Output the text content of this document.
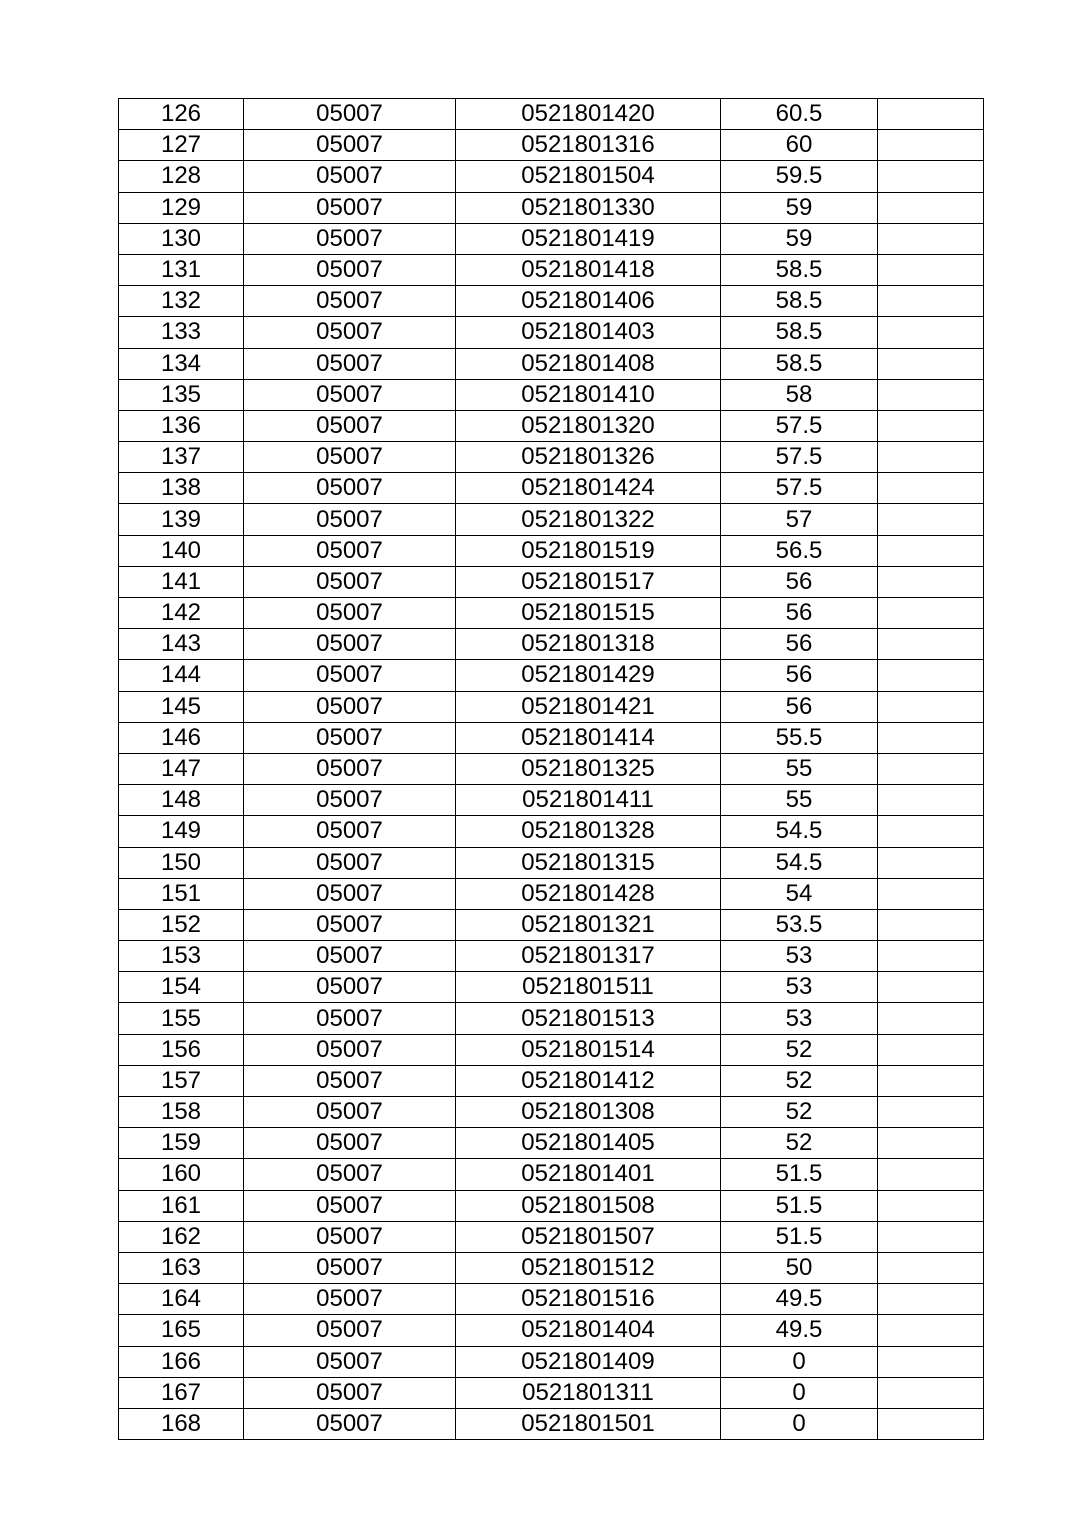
126	05007	0521801420	60.5	
127	05007	0521801316	60	
128	05007	0521801504	59.5	
129	05007	0521801330	59	
130	05007	0521801419	59	
131	05007	0521801418	58.5	
132	05007	0521801406	58.5	
133	05007	0521801403	58.5	
134	05007	0521801408	58.5	
135	05007	0521801410	58	
136	05007	0521801320	57.5	
137	05007	0521801326	57.5	
138	05007	0521801424	57.5	
139	05007	0521801322	57	
140	05007	0521801519	56.5	
141	05007	0521801517	56	
142	05007	0521801515	56	
143	05007	0521801318	56	
144	05007	0521801429	56	
145	05007	0521801421	56	
146	05007	0521801414	55.5	
147	05007	0521801325	55	
148	05007	0521801411	55	
149	05007	0521801328	54.5	
150	05007	0521801315	54.5	
151	05007	0521801428	54	
152	05007	0521801321	53.5	
153	05007	0521801317	53	
154	05007	0521801511	53	
155	05007	0521801513	53	
156	05007	0521801514	52	
157	05007	0521801412	52	
158	05007	0521801308	52	
159	05007	0521801405	52	
160	05007	0521801401	51.5	
161	05007	0521801508	51.5	
162	05007	0521801507	51.5	
163	05007	0521801512	50	
164	05007	0521801516	49.5	
165	05007	0521801404	49.5	
166	05007	0521801409	0	
167	05007	0521801311	0	
168	05007	0521801501	0	
